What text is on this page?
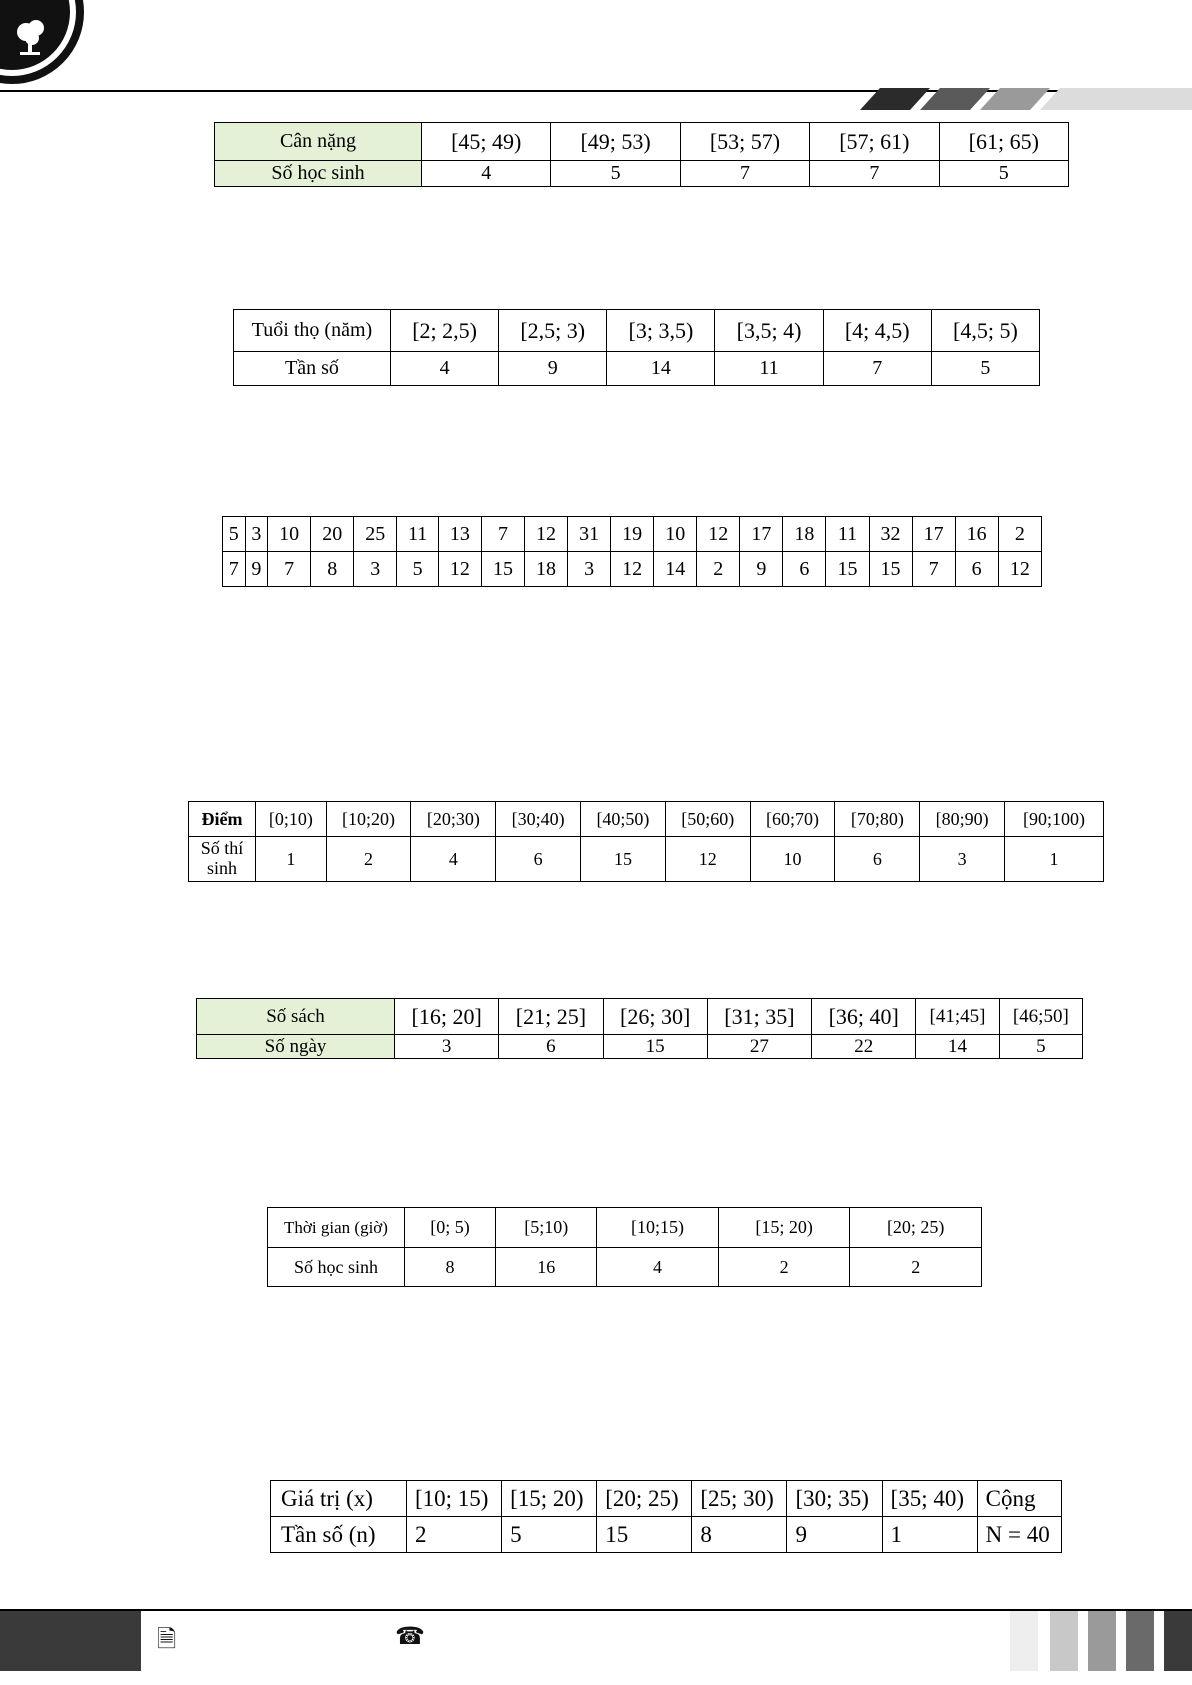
Cân nặng	[45; 49)	[49; 53)	[53; 57)	[57; 61)	[61; 65)
Số học sinh	4	5	7	7	5
Tuổi thọ (năm)	[2; 2,5)	[2,5; 3)	[3; 3,5)	[3,5; 4)	[4; 4,5)	[4,5; 5)
Tần số	4	9	14	11	7	5
5	3	10	20	25	11	13	7	12	31	19	10	12	17	18	11	32	17	16	2
7	9	7	8	3	5	12	15	18	3	12	14	2	9	6	15	15	7	6	12
Điểm	[0;10)	[10;20)	[20;30)	[30;40)	[40;50)	[50;60)	[60;70)	[70;80)	[80;90)	[90;100)
Số thí sinh	1	2	4	6	15	12	10	6	3	1
Số sách	[16; 20]	[21; 25]	[26; 30]	[31; 35]	[36; 40]	[41;45]	[46;50]
Số ngày	3	6	15	27	22	14	5
Thời gian (giờ)	[0; 5)	[5;10)	[10;15)	[15; 20)	[20; 25)
Số học sinh	8	16	4	2	2
Giá trị (x)	[10; 15)	[15; 20)	[20; 25)	[25; 30)	[30; 35)	[35; 40)	Cộng
Tần số (n)	2	5	15	8	9	1	N = 40
🗎	☎
